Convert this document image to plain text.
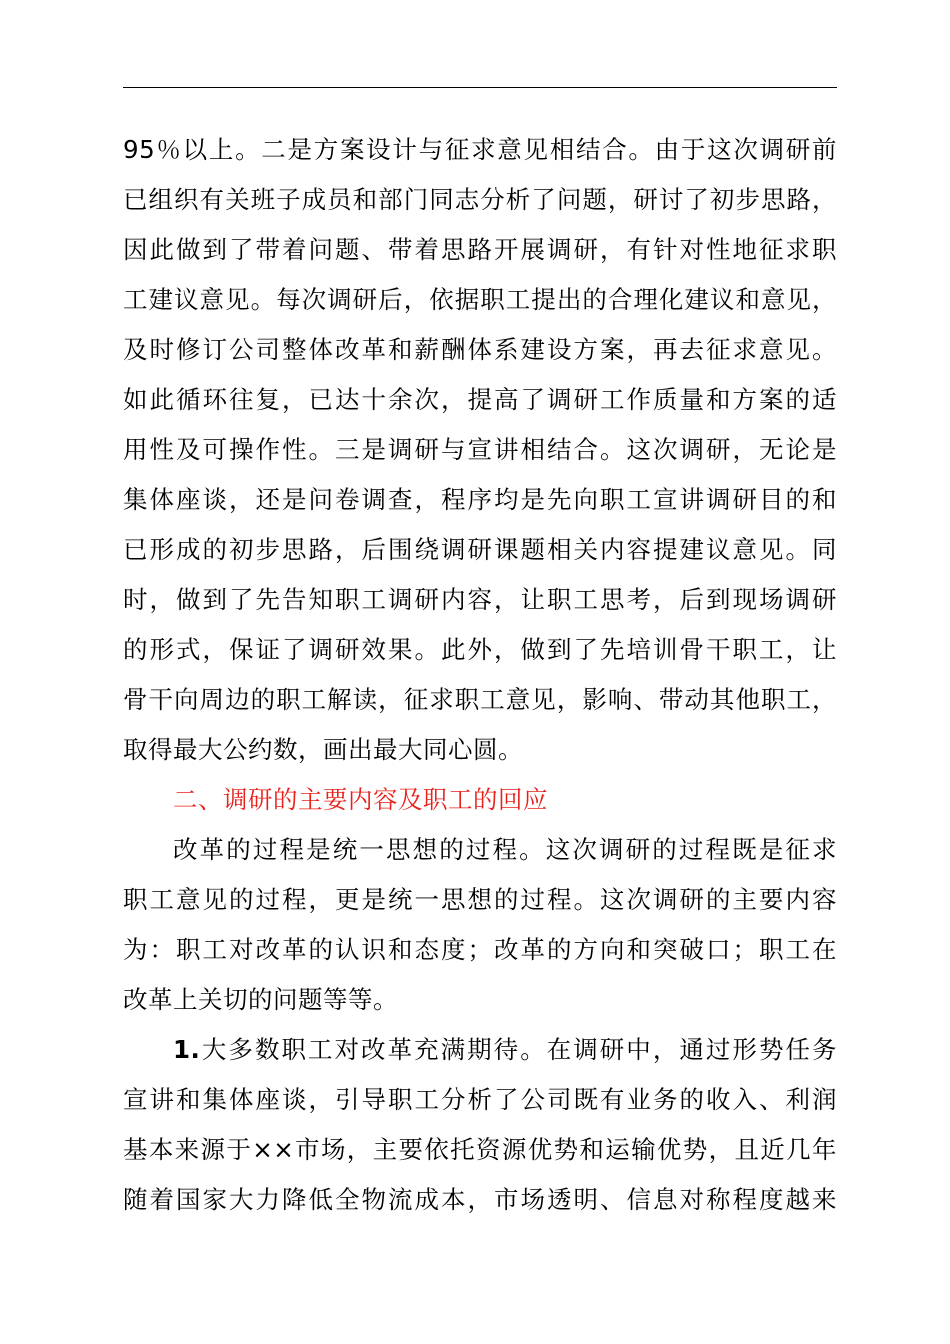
95％以上。二是方案设计与征求意见相结合。由于这次调研前
已组织有关班子成员和部门同志分析了问题，研讨了初步思路，
因此做到了带着问题、带着思路开展调研，有针对性地征求职
工建议意见。每次调研后，依据职工提出的合理化建议和意见，
及时修订公司整体改革和薪酬体系建设方案，再去征求意见。
如此循环往复，已达十余次，提高了调研工作质量和方案的适
用性及可操作性。三是调研与宣讲相结合。这次调研，无论是
集体座谈，还是问卷调查，程序均是先向职工宣讲调研目的和
已形成的初步思路，后围绕调研课题相关内容提建议意见。同
时，做到了先告知职工调研内容，让职工思考，后到现场调研
的形式，保证了调研效果。此外，做到了先培训骨干职工，让
骨干向周边的职工解读，征求职工意见，影响、带动其他职工，
取得最大公约数，画出最大同心圆。
二、调研的主要内容及职工的回应
改革的过程是统一思想的过程。这次调研的过程既是征求
职工意见的过程，更是统一思想的过程。这次调研的主要内容
为：职工对改革的认识和态度；改革的方向和突破口；职工在
改革上关切的问题等等。
1.大多数职工对改革充满期待。在调研中，通过形势任务
宣讲和集体座谈，引导职工分析了公司既有业务的收入、利润
基本来源于××市场，主要依托资源优势和运输优势，且近几年
随着国家大力降低全物流成本，市场透明、信息对称程度越来
